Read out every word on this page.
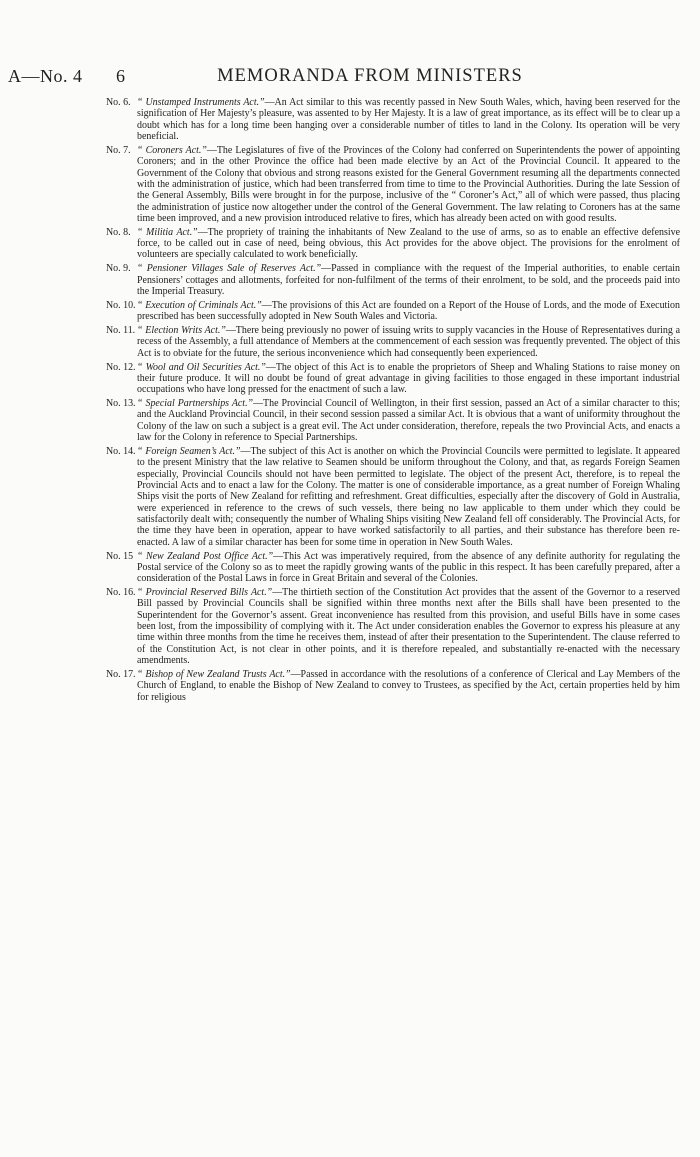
A—No. 4 6	MEMORANDA FROM MINISTERS

No. 6. “ Unstamped Instruments Act.”—An Act similar to this was recently passed in New South Wales, which, having been reserved for the signification of Her Majesty’s pleasure, was assented to by Her Majesty. It is a law of great importance, as its effect will be to clear up a doubt which has for a long time been hanging over a considerable number of titles to land in the Colony. Its operation will be very beneficial.

No. 7. “ Coroners Act.”—The Legislatures of five of the Provinces of the Colony had conferred on Superintendents the power of appointing Coroners; and in the other Province the office had been made elective by an Act of the Provincial Council. It appeared to the Government of the Colony that obvious and strong reasons existed for the General Government resuming all the departments connected with the administration of justice, which had been transferred from time to time to the Provincial Authorities. During the late Session of the General Assembly, Bills were brought in for the purpose, inclusive of the “ Coroner’s Act,” all of which were passed, thus placing the administration of justice now altogether under the control of the General Government. The law relating to Coroners has at the same time been improved, and a new provision introduced relative to fires, which has already been acted on with good results.

No. 8. “ Militia Act.”—The propriety of training the inhabitants of New Zealand to the use of arms, so as to enable an effective defensive force, to be called out in case of need, being obvious, this Act provides for the above object. The provisions for the enrolment of volunteers are specially calculated to work beneficially.

No. 9. “ Pensioner Villages Sale of Reserves Act.”—Passed in compliance with the request of the Imperial authorities, to enable certain Pensioners’ cottages and allotments, forfeited for non-fulfilment of the terms of their enrolment, to be sold, and the proceeds paid into the Imperial Treasury.

No. 10.“ Execution of Criminals Act.”—The provisions of this Act are founded on a Report of the House of Lords, and the mode of Execution prescribed has been successfully adopted in New South Wales and Victoria.

No. 11. “ Election Writs Act.”—There being previously no power of issuing writs to supply vacancies in the House of Representatives during a recess of the Assembly, a full attendance of Members at the commencement of each session was frequently prevented. The object of this Act is to obviate for the future, the serious inconvenience which had consequently been experienced.

No. 12.“ Wool and Oil Securities Act.”—The object of this Act is to enable the proprietors of Sheep and Whaling Stations to raise money on their future produce. It will no doubt be found of great advantage in giving facilities to those engaged in these important industrial occupations who have long pressed for the enactment of such a law.

No. 13.“ Special Partnerships Act.”—The Provincial Council of Wellington, in their first session, passed an Act of a similar character to this; and the Auckland Provincial Council, in their second session passed a similar Act. It is obvious that a want of uniformity throughout the Colony of the law on such a subject is a great evil. The Act under consideration, therefore, repeals the two Provincial Acts, and enacts a law for the Colony in reference to Special Partnerships.

No. 14.“ Foreign Seamen’s Act.”—The subject of this Act is another on which the Provincial Councils were permitted to legislate. It appeared to the present Ministry that the law relative to Seamen should be uniform throughout the Colony, and that, as regards Foreign Seamen especially, Provincial Councils should not have been permitted to legislate. The object of the present Act, therefore, is to repeal the Provincial Acts and to enact a law for the Colony. The matter is one of considerable importance, as a great number of Foreign Whaling Ships visit the ports of New Zealand for refitting and refreshment. Great difficulties, especially after the discovery of Gold in Australia, were experienced in reference to the crews of such vessels, there being no law applicable to them under which they could be satisfactorily dealt with; consequently the number of Whaling Ships visiting New Zealand fell off considerably. The Provincial Acts, for the time they have been in operation, appear to have worked satisfactorily to all parties, and their substance has therefore been re-enacted. A law of a similar character has been for some time in operation in New South Wales.

No. 15 “ New Zealand Post Office Act.”—This Act was imperatively required, from the absence of any definite authority for regulating the Postal service of the Colony so as to meet the rapidly growing wants of the public in this respect. It has been carefully prepared, after a consideration of the Postal Laws in force in Great Britain and several of the Colonies.

No. 16.“ Provincial Reserved Bills Act.”—The thirtieth section of the Constitution Act provides that the assent of the Governor to a reserved Bill passed by Provincial Councils shall be signified within three months next after the Bills shall have been presented to the Superintendent for the Governor’s assent. Great inconvenience has resulted from this provision, and useful Bills have in some cases been lost, from the impossibility of complying with it. The Act under consideration enables the Governor to express his pleasure at any time within three months from the time he receives them, instead of after their presentation to the Superintendent. The clause referred to of the Constitution Act, is not clear in other points, and it is therefore repealed, and substantially re-enacted with the necessary amendments.

No. 17.“ Bishop of New Zealand Trusts Act.”—Passed in accordance with the resolutions of a conference of Clerical and Lay Members of the Church of England, to enable the Bishop of New Zealand to convey to Trustees, as specified by the Act, certain properties held by him for religious
